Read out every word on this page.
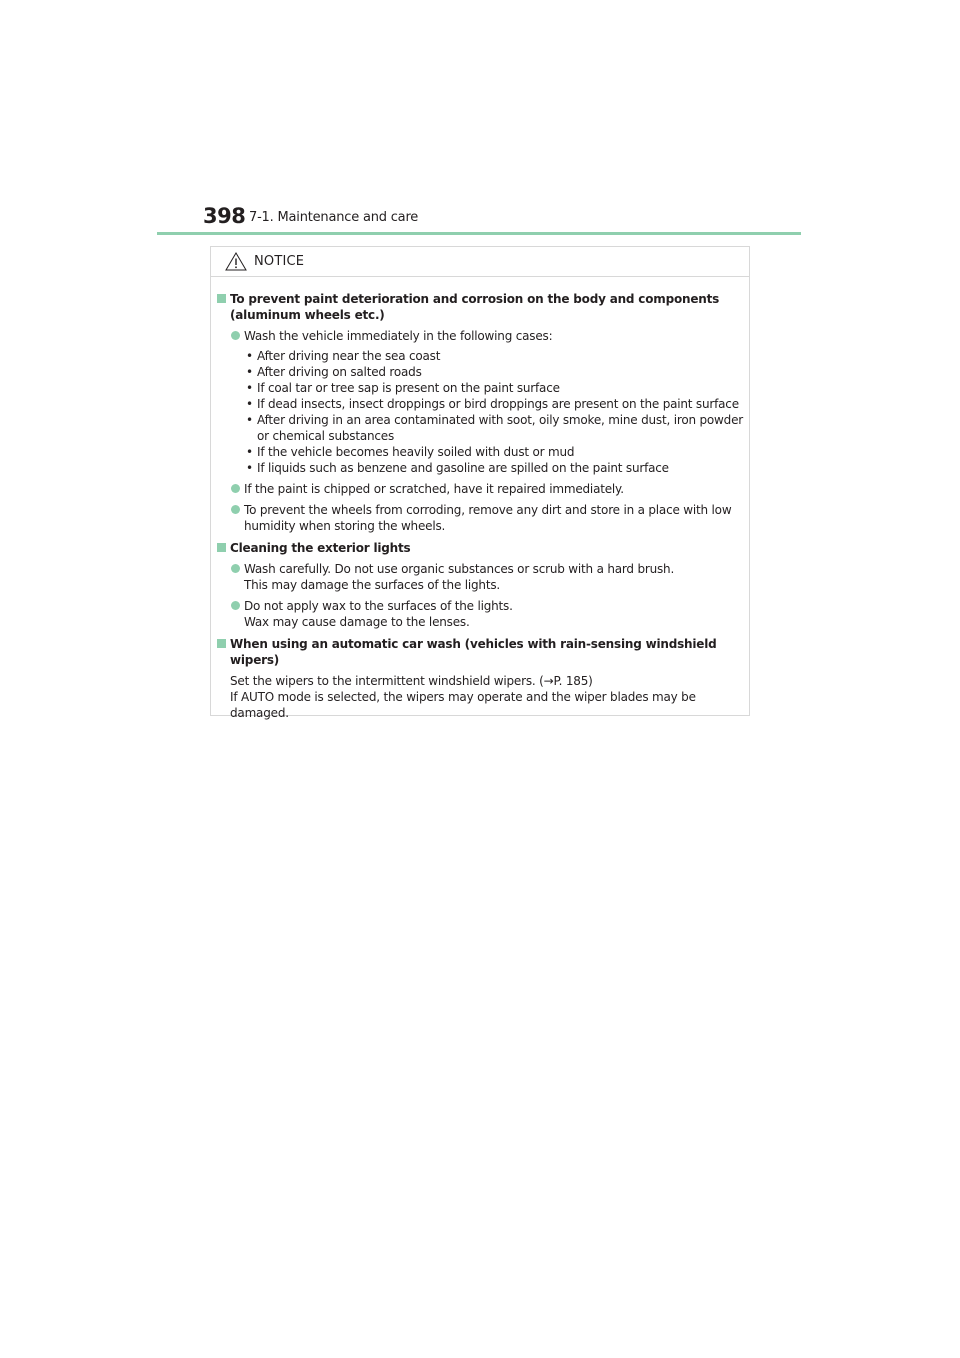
398 7-1. Maintenance and care
NOTICE
To prevent paint deterioration and corrosion on the body and components (aluminum wheels etc.)
Wash the vehicle immediately in the following cases:
• After driving near the sea coast
• After driving on salted roads
• If coal tar or tree sap is present on the paint surface
• If dead insects, insect droppings or bird droppings are present on the paint surface
• After driving in an area contaminated with soot, oily smoke, mine dust, iron powder or chemical substances
• If the vehicle becomes heavily soiled with dust or mud
• If liquids such as benzene and gasoline are spilled on the paint surface
If the paint is chipped or scratched, have it repaired immediately.
To prevent the wheels from corroding, remove any dirt and store in a place with low humidity when storing the wheels.
Cleaning the exterior lights
Wash carefully. Do not use organic substances or scrub with a hard brush.
This may damage the surfaces of the lights.
Do not apply wax to the surfaces of the lights.
Wax may cause damage to the lenses.
When using an automatic car wash (vehicles with rain-sensing windshield wipers)
Set the wipers to the intermittent windshield wipers. (→P. 185)
If AUTO mode is selected, the wipers may operate and the wiper blades may be damaged.
